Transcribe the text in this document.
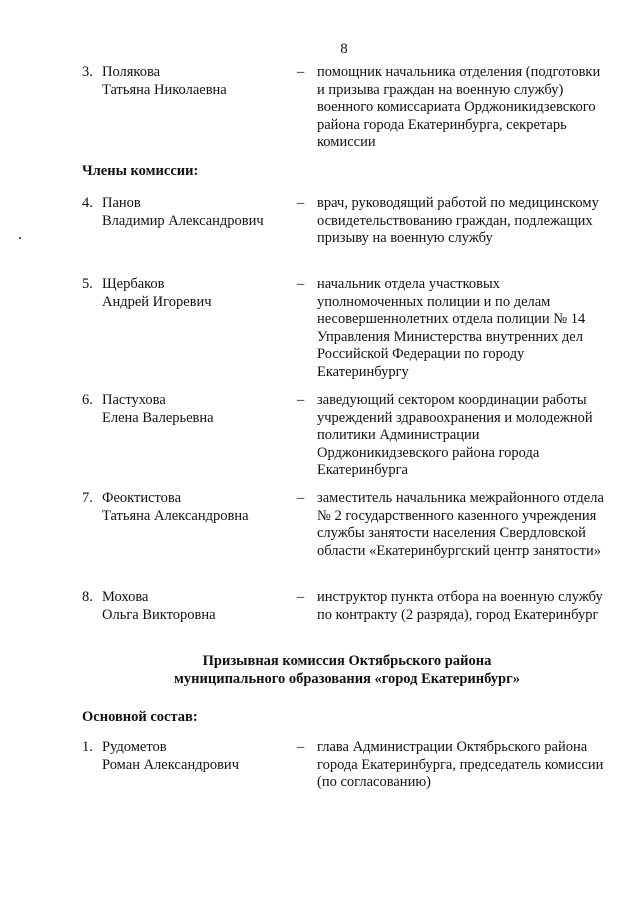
8
3. Полякова
Татьяна Николаевна
– помощник начальника отделения (подготовки и призыва граждан на военную службу) военного комиссариата Орджоникидзевского района города Екатеринбурга, секретарь комиссии
Члены комиссии:
4. Панов
Владимир Александрович
– врач, руководящий работой по медицинскому освидетельствованию граждан, подлежащих призыву на военную службу
5. Щербаков
Андрей Игоревич
– начальник отдела участковых уполномоченных полиции и по делам несовершеннолетних отдела полиции № 14 Управления Министерства внутренних дел Российской Федерации по городу Екатеринбургу
6. Пастухова
Елена Валерьевна
– заведующий сектором координации работы учреждений здравоохранения и молодежной политики Администрации Орджоникидзевского района города Екатеринбурга
7. Феоктистова
Татьяна Александровна
– заместитель начальника межрайонного отдела № 2 государственного казенного учреждения службы занятости населения Свердловской области «Екатеринбургский центр занятости»
8. Мохова
Ольга Викторовна
– инструктор пункта отбора на военную службу по контракту (2 разряда), город Екатеринбург
Призывная комиссия Октябрьского района
муниципального образования «город Екатеринбург»
Основной состав:
1. Рудометов
Роман Александрович
– глава Администрации Октябрьского района города Екатеринбурга, председатель комиссии (по согласованию)
